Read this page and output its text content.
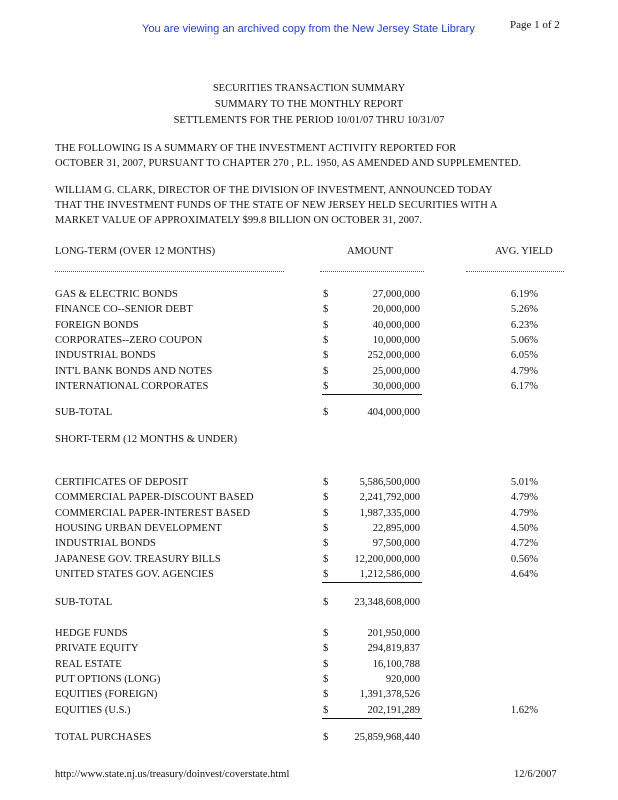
You are viewing an archived copy from the New Jersey State Library	Page 1 of 2
SECURITIES TRANSACTION SUMMARY
SUMMARY TO THE MONTHLY REPORT
SETTLEMENTS FOR THE PERIOD 10/01/07 THRU 10/31/07
THE FOLLOWING IS A SUMMARY OF THE INVESTMENT ACTIVITY REPORTED FOR
OCTOBER 31, 2007, PURSUANT TO CHAPTER 270 , P.L. 1950, AS AMENDED AND SUPPLEMENTED.
WILLIAM G. CLARK, DIRECTOR OF THE DIVISION OF INVESTMENT, ANNOUNCED TODAY
THAT THE INVESTMENT FUNDS OF THE STATE OF NEW JERSEY HELD SECURITIES WITH A
MARKET VALUE OF APPROXIMATELY $99.8 BILLION ON OCTOBER 31, 2007.
LONG-TERM (OVER 12 MONTHS)	AMOUNT	AVG. YIELD
GAS & ELECTRIC BONDS	$	27,000,000	6.19%
FINANCE CO--SENIOR DEBT	$	20,000,000	5.26%
FOREIGN BONDS	$	40,000,000	6.23%
CORPORATES--ZERO COUPON	$	10,000,000	5.06%
INDUSTRIAL BONDS	$	252,000,000	6.05%
INT'L BANK BONDS AND NOTES	$	25,000,000	4.79%
INTERNATIONAL CORPORATES	$	30,000,000	6.17%
SUB-TOTAL	$	404,000,000
SHORT-TERM (12 MONTHS & UNDER)
CERTIFICATES OF DEPOSIT	$	5,586,500,000	5.01%
COMMERCIAL PAPER-DISCOUNT BASED	$	2,241,792,000	4.79%
COMMERCIAL PAPER-INTEREST BASED	$	1,987,335,000	4.79%
HOUSING URBAN DEVELOPMENT	$	22,895,000	4.50%
INDUSTRIAL BONDS	$	97,500,000	4.72%
JAPANESE GOV. TREASURY BILLS	$	12,200,000,000	0.56%
UNITED STATES GOV. AGENCIES	$	1,212,586,000	4.64%
SUB-TOTAL	$	23,348,608,000
HEDGE FUNDS	$	201,950,000
PRIVATE EQUITY	$	294,819,837
REAL ESTATE	$	16,100,788
PUT OPTIONS (LONG)	$	920,000
EQUITIES (FOREIGN)	$	1,391,378,526
EQUITIES (U.S.)	$	202,191,289	1.62%
TOTAL PURCHASES	$	25,859,968,440
http://www.state.nj.us/treasury/doinvest/coverstate.html	12/6/2007
